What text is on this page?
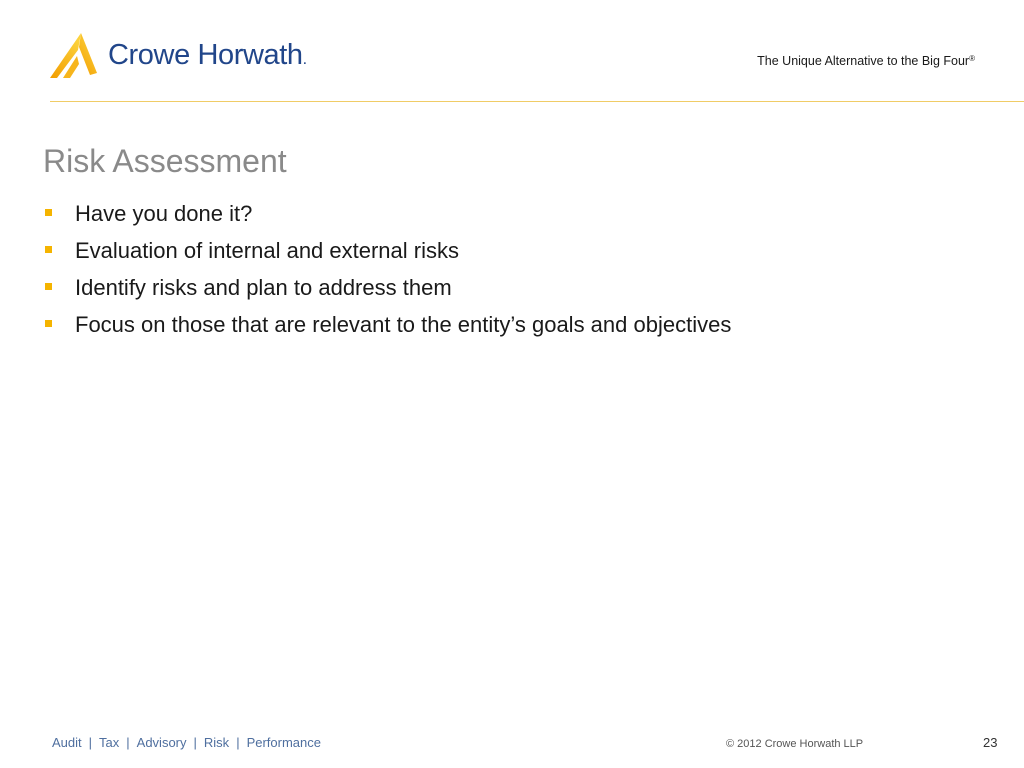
Crowe Horwath.	The Unique Alternative to the Big Four®
Risk Assessment
Have you done it?
Evaluation of internal and external risks
Identify risks and plan to address them
Focus on those that are relevant to the entity’s goals and objectives
Audit | Tax | Advisory | Risk | Performance	© 2012 Crowe Horwath LLP	23
